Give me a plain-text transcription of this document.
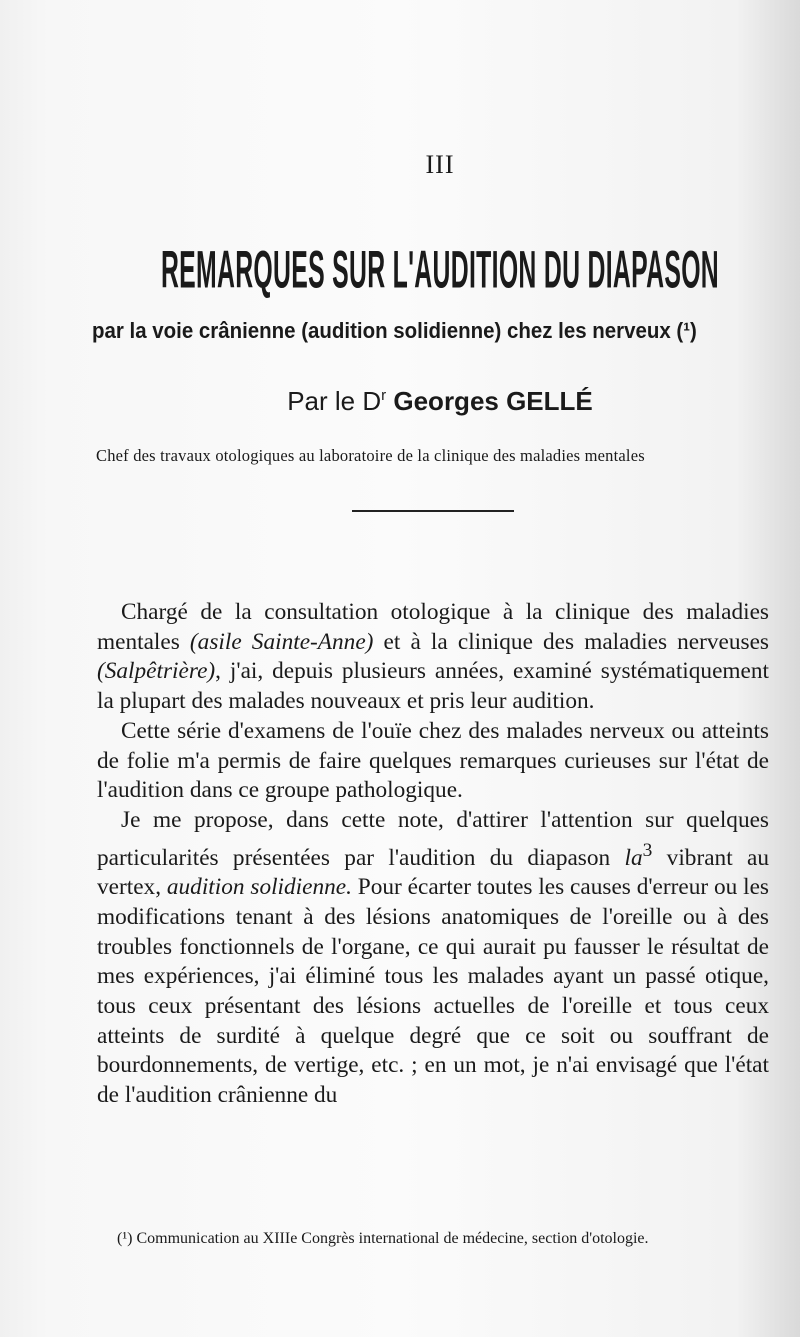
III
REMARQUES SUR L'AUDITION DU DIAPASON
par la voie crânienne (audition solidienne) chez les nerveux (¹)
Par le $D^r$ Georges GELLÉ
Chef des travaux otologiques au laboratoire de la clinique des maladies mentales

Chargé de la consultation otologique à la clinique des maladies mentales (asile Sainte-Anne) et à la clinique des maladies nerveuses (Salpêtrière), j'ai, depuis plusieurs années, examiné systématiquement la plupart des malades nouveaux et pris leur audition.

Cette série d'examens de l'ouïe chez des malades nerveux ou atteints de folie m'a permis de faire quelques remarques curieuses sur l'état de l'audition dans ce groupe pathologique.

Je me propose, dans cette note, d'attirer l'attention sur quelques particularités présentées par l'audition du diapason $la^3$ vibrant au vertex, audition solidienne. Pour écarter toutes les causes d'erreur ou les modifications tenant à des lésions anatomiques de l'oreille ou à des troubles fonctionnels de l'organe, ce qui aurait pu fausser le résultat de mes expériences, j'ai éliminé tous les malades ayant un passé otique, tous ceux présentant des lésions actuelles de l'oreille et tous ceux atteints de surdité à quelque degré que ce soit ou souffrant de bourdonnements, de vertige, etc. ; en un mot, je n'ai envisagé que l'état de l'audition crânienne du

(¹) Communication au XIIIe Congrès international de médecine, section d'otologie.
